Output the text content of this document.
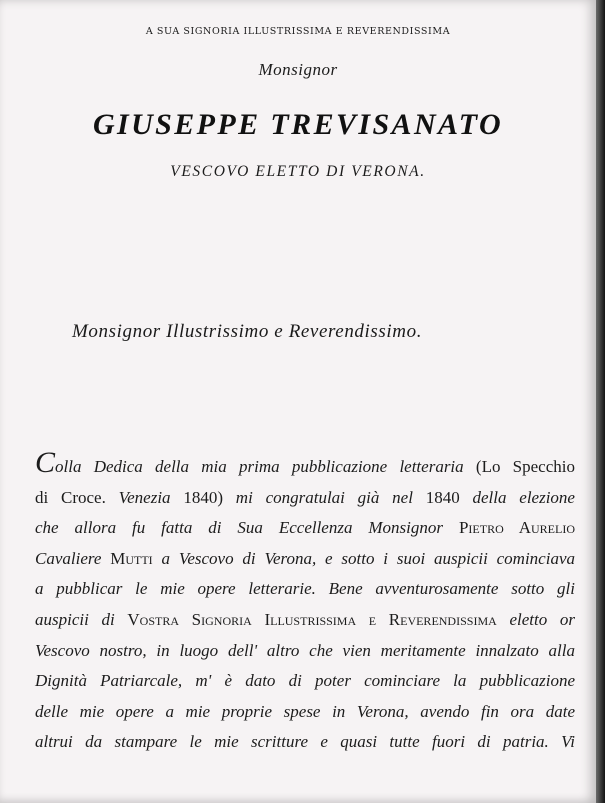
A SUA SIGNORIA ILLUSTRISSIMA E REVERENDISSIMA
Monsignor
GIUSEPPE TREVISANATO
VESCOVO ELETTO DI VERONA.
Monsignor Illustrissimo e Reverendissimo.
Colla Dedica della mia prima pubblicazione letteraria (Lo Specchio
di Croce. Venezia 1840) mi congratulai già nel 1840 della elezione
che allora fu fatta di Sua Eccellenza Monsignor Pietro Aurelio
Cavaliere Mutti a Vescovo di Verona, e sotto i suoi auspicii cominciava
a pubblicar le mie opere letterarie. Bene avventurosamente sotto gli
auspicii di Vostra Signoria Illustrissima e Reverendissima eletto or
Vescovo nostro, in luogo dell' altro che vien meritamente innalzato alla
Dignità Patriarcale, m' è dato di poter cominciare la pubblicazione
delle mie opere a mie proprie spese in Verona, avendo fin ora date
altrui da stampare le mie scritture e quasi tutte fuori di patria. Vi
